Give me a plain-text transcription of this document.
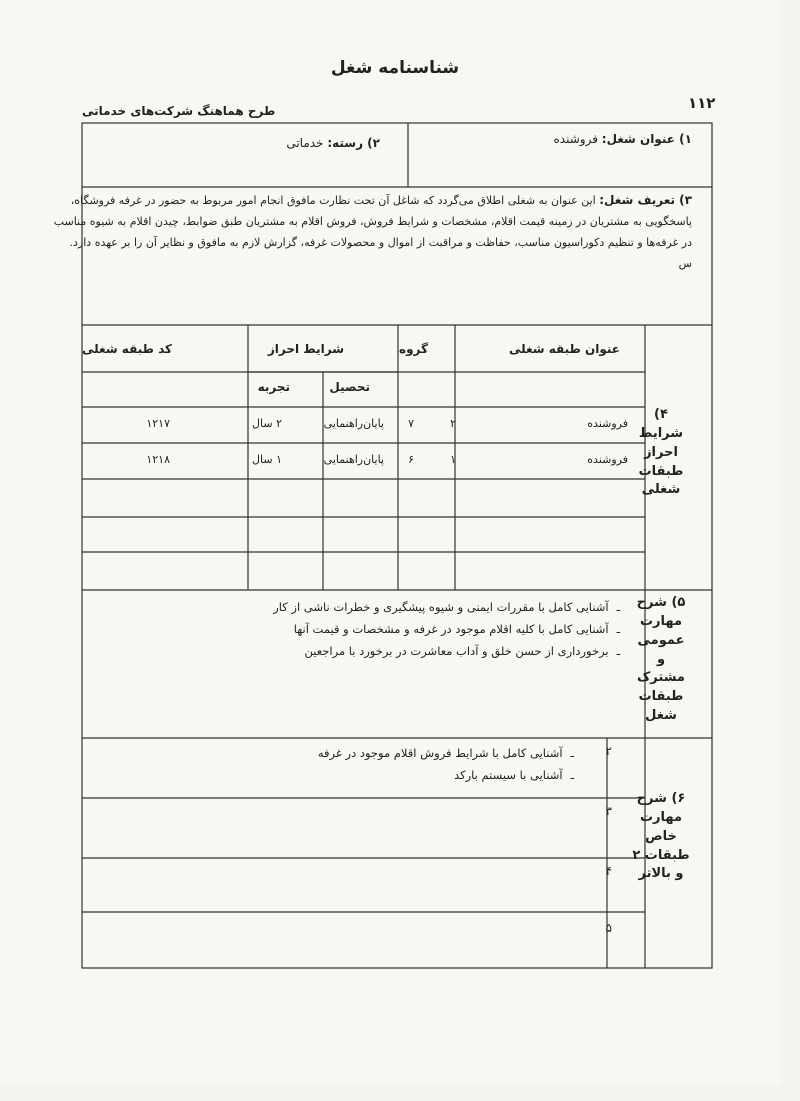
شناسنامه شغل
۱۱۲
طرح هماهنگ شرکت‌های خدماتی
۱) عنوان شغل: فروشنده
۲) رسته: خدماتی
۳) تعریف شغل: این عنوان به شغلی اطلاق می‌گردد که شاغل آن تحت نظارت مافوق انجام امور مربوط به حضور در غرفه فروشگاه،
پاسخگویی به مشتریان در زمینه قیمت اقلام، مشخصات و شرایط فروش، فروش اقلام به مشتریان طبق ضوابط، چیدن اقلام به شیوه مناسب
در غرفه‌ها و تنظیم دکوراسیون مناسب، حفاظت و مراقبت از اموال و محصولات غرفه، گزارش لازم به مافوق و نظایر آن را بر عهده دارد.
س
۴) شرایط احراز طبقات شغلی
عنوان طبقه شغلی
گروه
شرایط احراز
کد طبقه شغلی
تحصیل
تجربه
فروشنده
۲
۷
پایان‌راهنمایی
۲ سال
۱۲۱۷
فروشنده
۱
۶
پایان‌راهنمایی
۱ سال
۱۲۱۸
۵) شرح مهارت عمومی و مشترک طبقات شغل
ـآشنایی کامل با مقررات ایمنی و شیوه پیشگیری و خطرات ناشی از کار
ـآشنایی کامل با کلیه اقلام موجود در غرفه و مشخصات و قیمت آنها
ـبرخورداری از حسن خلق و آداب معاشرت در برخورد با مراجعین
۶) شرح مهارت خاص طبقات ۲ و بالاتر
۲
ـآشنایی کامل با شرایط فروش اقلام موجود در غرفه
ـآشنایی با سیستم بارکد
۳
۴
۵
